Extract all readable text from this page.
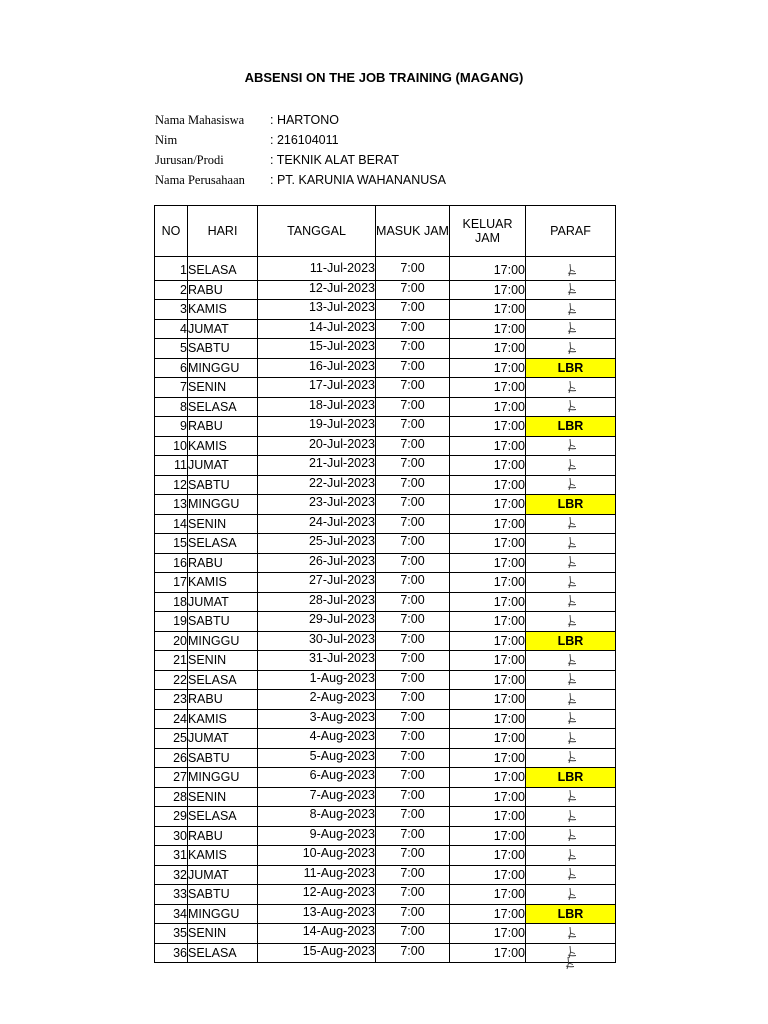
ABSENSI ON THE JOB TRAINING (MAGANG)
Nama Mahasiswa	: HARTONO
Nim	: 216104011
Jurusan/Prodi	: TEKNIK ALAT BERAT
Nama Perusahaan	: PT. KARUNIA WAHANANUSA
NO	HARI	TANGGAL	MASUK JAM	KELUAR JAM	PARAF

1	SELASA	11-Jul-2023	7:00	17:00	

2	RABU	12-Jul-2023	7:00	17:00	

3	KAMIS	13-Jul-2023	7:00	17:00	

4	JUMAT	14-Jul-2023	7:00	17:00	

5	SABTU	15-Jul-2023	7:00	17:00	

6	MINGGU	16-Jul-2023	7:00	17:00	LBR
7	SENIN	17-Jul-2023	7:00	17:00	

8	SELASA	18-Jul-2023	7:00	17:00	

9	RABU	19-Jul-2023	7:00	17:00	LBR
10	KAMIS	20-Jul-2023	7:00	17:00	

11	JUMAT	21-Jul-2023	7:00	17:00	

12	SABTU	22-Jul-2023	7:00	17:00	

13	MINGGU	23-Jul-2023	7:00	17:00	LBR
14	SENIN	24-Jul-2023	7:00	17:00	

15	SELASA	25-Jul-2023	7:00	17:00	

16	RABU	26-Jul-2023	7:00	17:00	

17	KAMIS	27-Jul-2023	7:00	17:00	

18	JUMAT	28-Jul-2023	7:00	17:00	

19	SABTU	29-Jul-2023	7:00	17:00	

20	MINGGU	30-Jul-2023	7:00	17:00	LBR
21	SENIN	31-Jul-2023	7:00	17:00	

22	SELASA	1-Aug-2023	7:00	17:00	

23	RABU	2-Aug-2023	7:00	17:00	

24	KAMIS	3-Aug-2023	7:00	17:00	

25	JUMAT	4-Aug-2023	7:00	17:00	

26	SABTU	5-Aug-2023	7:00	17:00	

27	MINGGU	6-Aug-2023	7:00	17:00	LBR
28	SENIN	7-Aug-2023	7:00	17:00	

29	SELASA	8-Aug-2023	7:00	17:00	

30	RABU	9-Aug-2023	7:00	17:00	

31	KAMIS	10-Aug-2023	7:00	17:00	

32	JUMAT	11-Aug-2023	7:00	17:00	

33	SABTU	12-Aug-2023	7:00	17:00	

34	MINGGU	13-Aug-2023	7:00	17:00	LBR
35	SENIN	14-Aug-2023	7:00	17:00	

36	SELASA	15-Aug-2023	7:00	17:00	
